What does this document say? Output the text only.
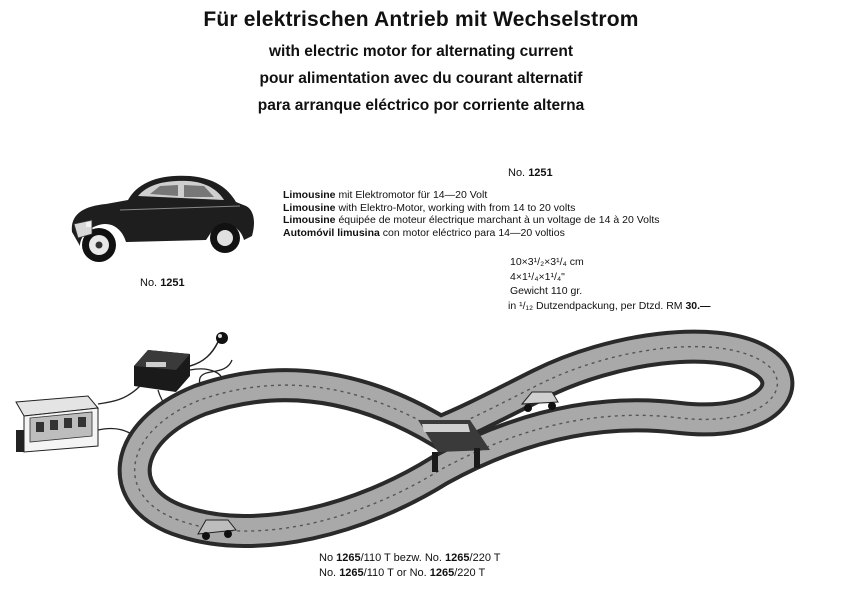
Für elektrischen Antrieb mit Wechselstrom
with electric motor for alternating current
pour alimentation avec du courant alternatif
para arranque eléctrico por corriente alterna
No. 1251
No. 1251
Limousine mit Elektromotor für 14—20 Volt
Limousine with Elektro-Motor, working with from 14 to 20 volts
Limousine équipée de moteur électrique marchant à un voltage de 14 à 20 Volts
Automóvil limusina con motor eléctrico para 14—20 voltios
10×3¹/₂×3¹/₄ cm
4×1¹/₄×1¹/₄"
Gewicht 110 gr.
in ¹/₁₂ Dutzendpackung, per Dtzd. RM 30.—
No 1265/110 T bezw. No. 1265/220 T
No. 1265/110 T or No. 1265/220 T
